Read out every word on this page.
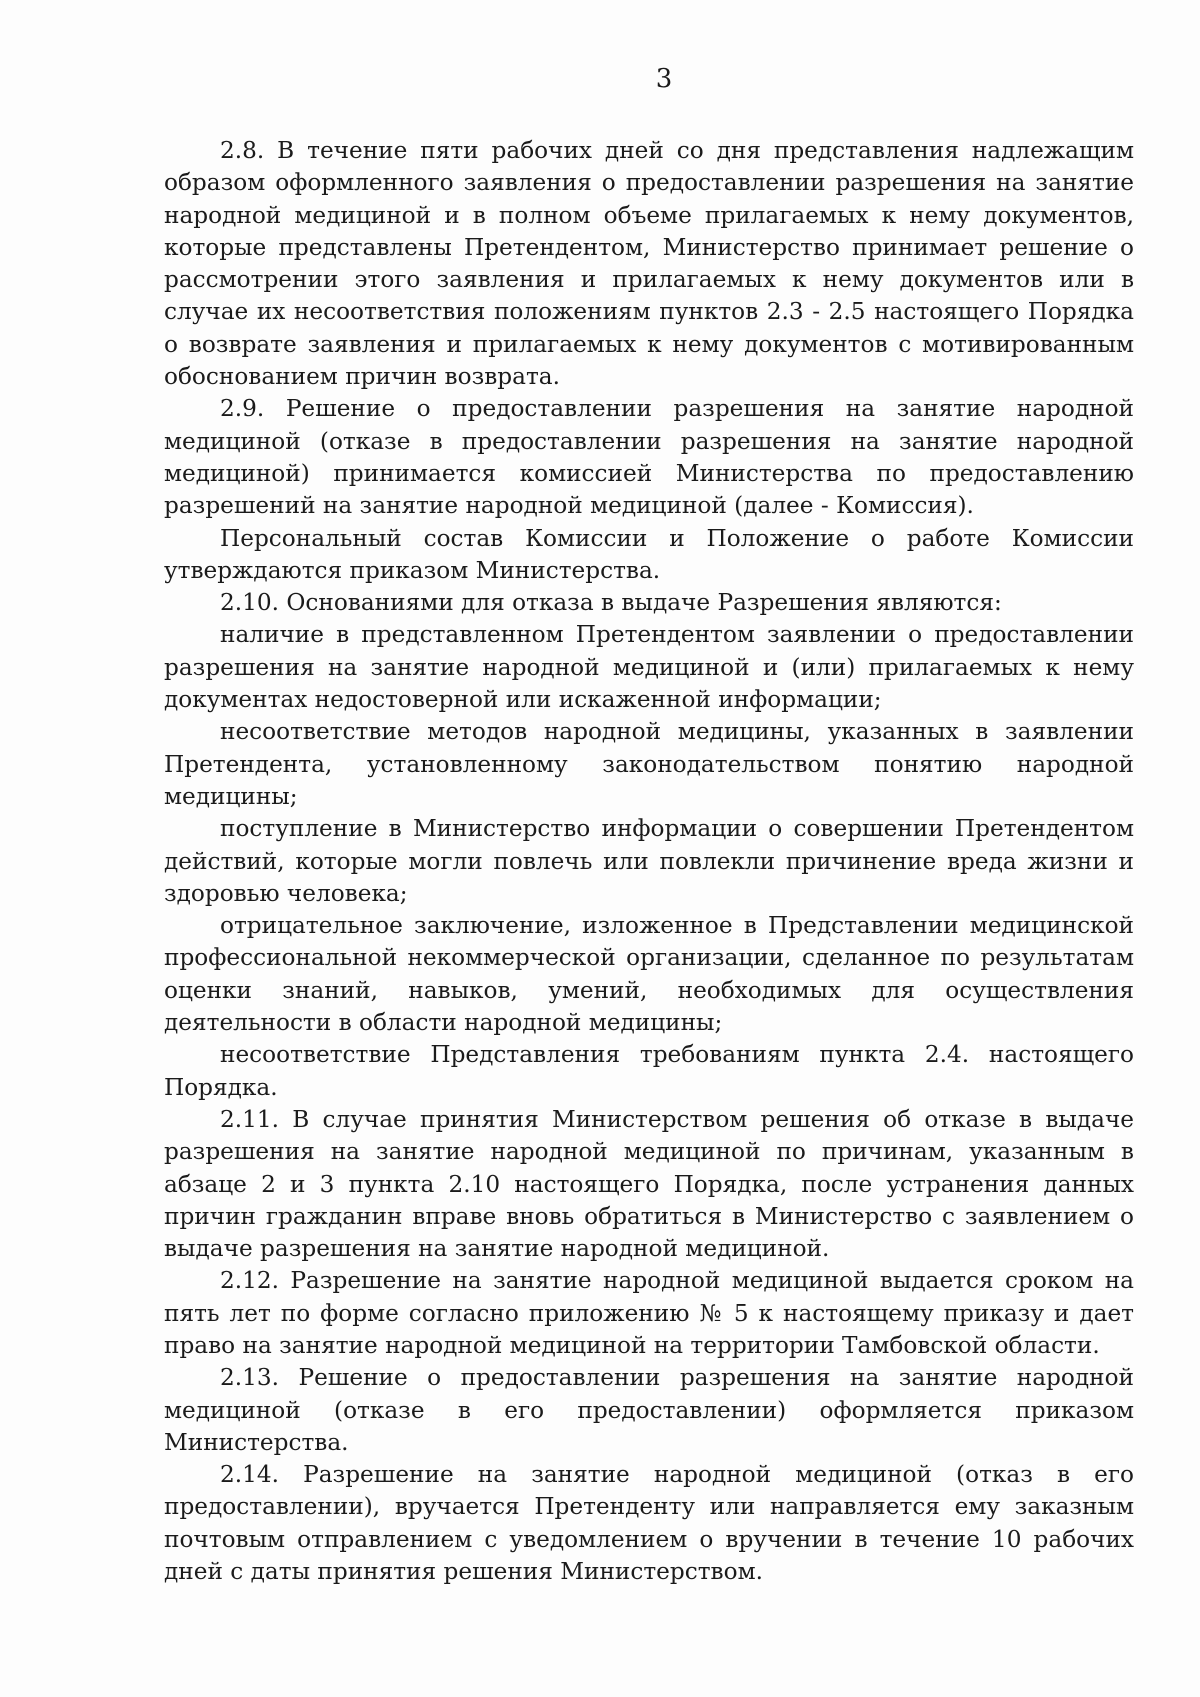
3

2.8. В течение пяти рабочих дней со дня представления надлежащим образом оформленного заявления о предоставлении разрешения на занятие народной медициной и в полном объеме прилагаемых к нему документов, которые представлены Претендентом, Министерство принимает решение о рассмотрении этого заявления и прилагаемых к нему документов или в случае их несоответствия положениям пунктов 2.3 - 2.5 настоящего Порядка о возврате заявления и прилагаемых к нему документов с мотивированным обоснованием причин возврата.

2.9. Решение о предоставлении разрешения на занятие народной медициной (отказе в предоставлении разрешения на занятие народной медициной) принимается комиссией Министерства по предоставлению разрешений на занятие народной медициной (далее - Комиссия).

Персональный состав Комиссии и Положение о работе Комиссии утверждаются приказом Министерства.

2.10. Основаниями для отказа в выдаче Разрешения являются:

наличие в представленном Претендентом заявлении о предоставлении разрешения на занятие народной медициной и (или) прилагаемых к нему документах недостоверной или искаженной информации;

несоответствие методов народной медицины, указанных в заявлении Претендента, установленному законодательством понятию народной медицины;

поступление в Министерство информации о совершении Претендентом действий, которые могли повлечь или повлекли причинение вреда жизни и здоровью человека;

отрицательное заключение, изложенное в Представлении медицинской профессиональной некоммерческой организации, сделанное по результатам оценки знаний, навыков, умений, необходимых для осуществления деятельности в области народной медицины;

несоответствие Представления требованиям пункта 2.4. настоящего Порядка.

2.11. В случае принятия Министерством решения об отказе в выдаче разрешения на занятие народной медициной по причинам, указанным в абзаце 2 и 3 пункта 2.10 настоящего Порядка, после устранения данных причин гражданин вправе вновь обратиться в Министерство с заявлением о выдаче разрешения на занятие народной медициной.

2.12. Разрешение на занятие народной медициной выдается сроком на пять лет по форме согласно приложению № 5 к настоящему приказу и дает право на занятие народной медициной на территории Тамбовской области.

2.13. Решение о предоставлении разрешения на занятие народной медициной (отказе в его предоставлении) оформляется приказом Министерства.

2.14. Разрешение на занятие народной медициной (отказ в его предоставлении), вручается Претенденту или направляется ему заказным почтовым отправлением с уведомлением о вручении в течение 10 рабочих дней с даты принятия решения Министерством.
